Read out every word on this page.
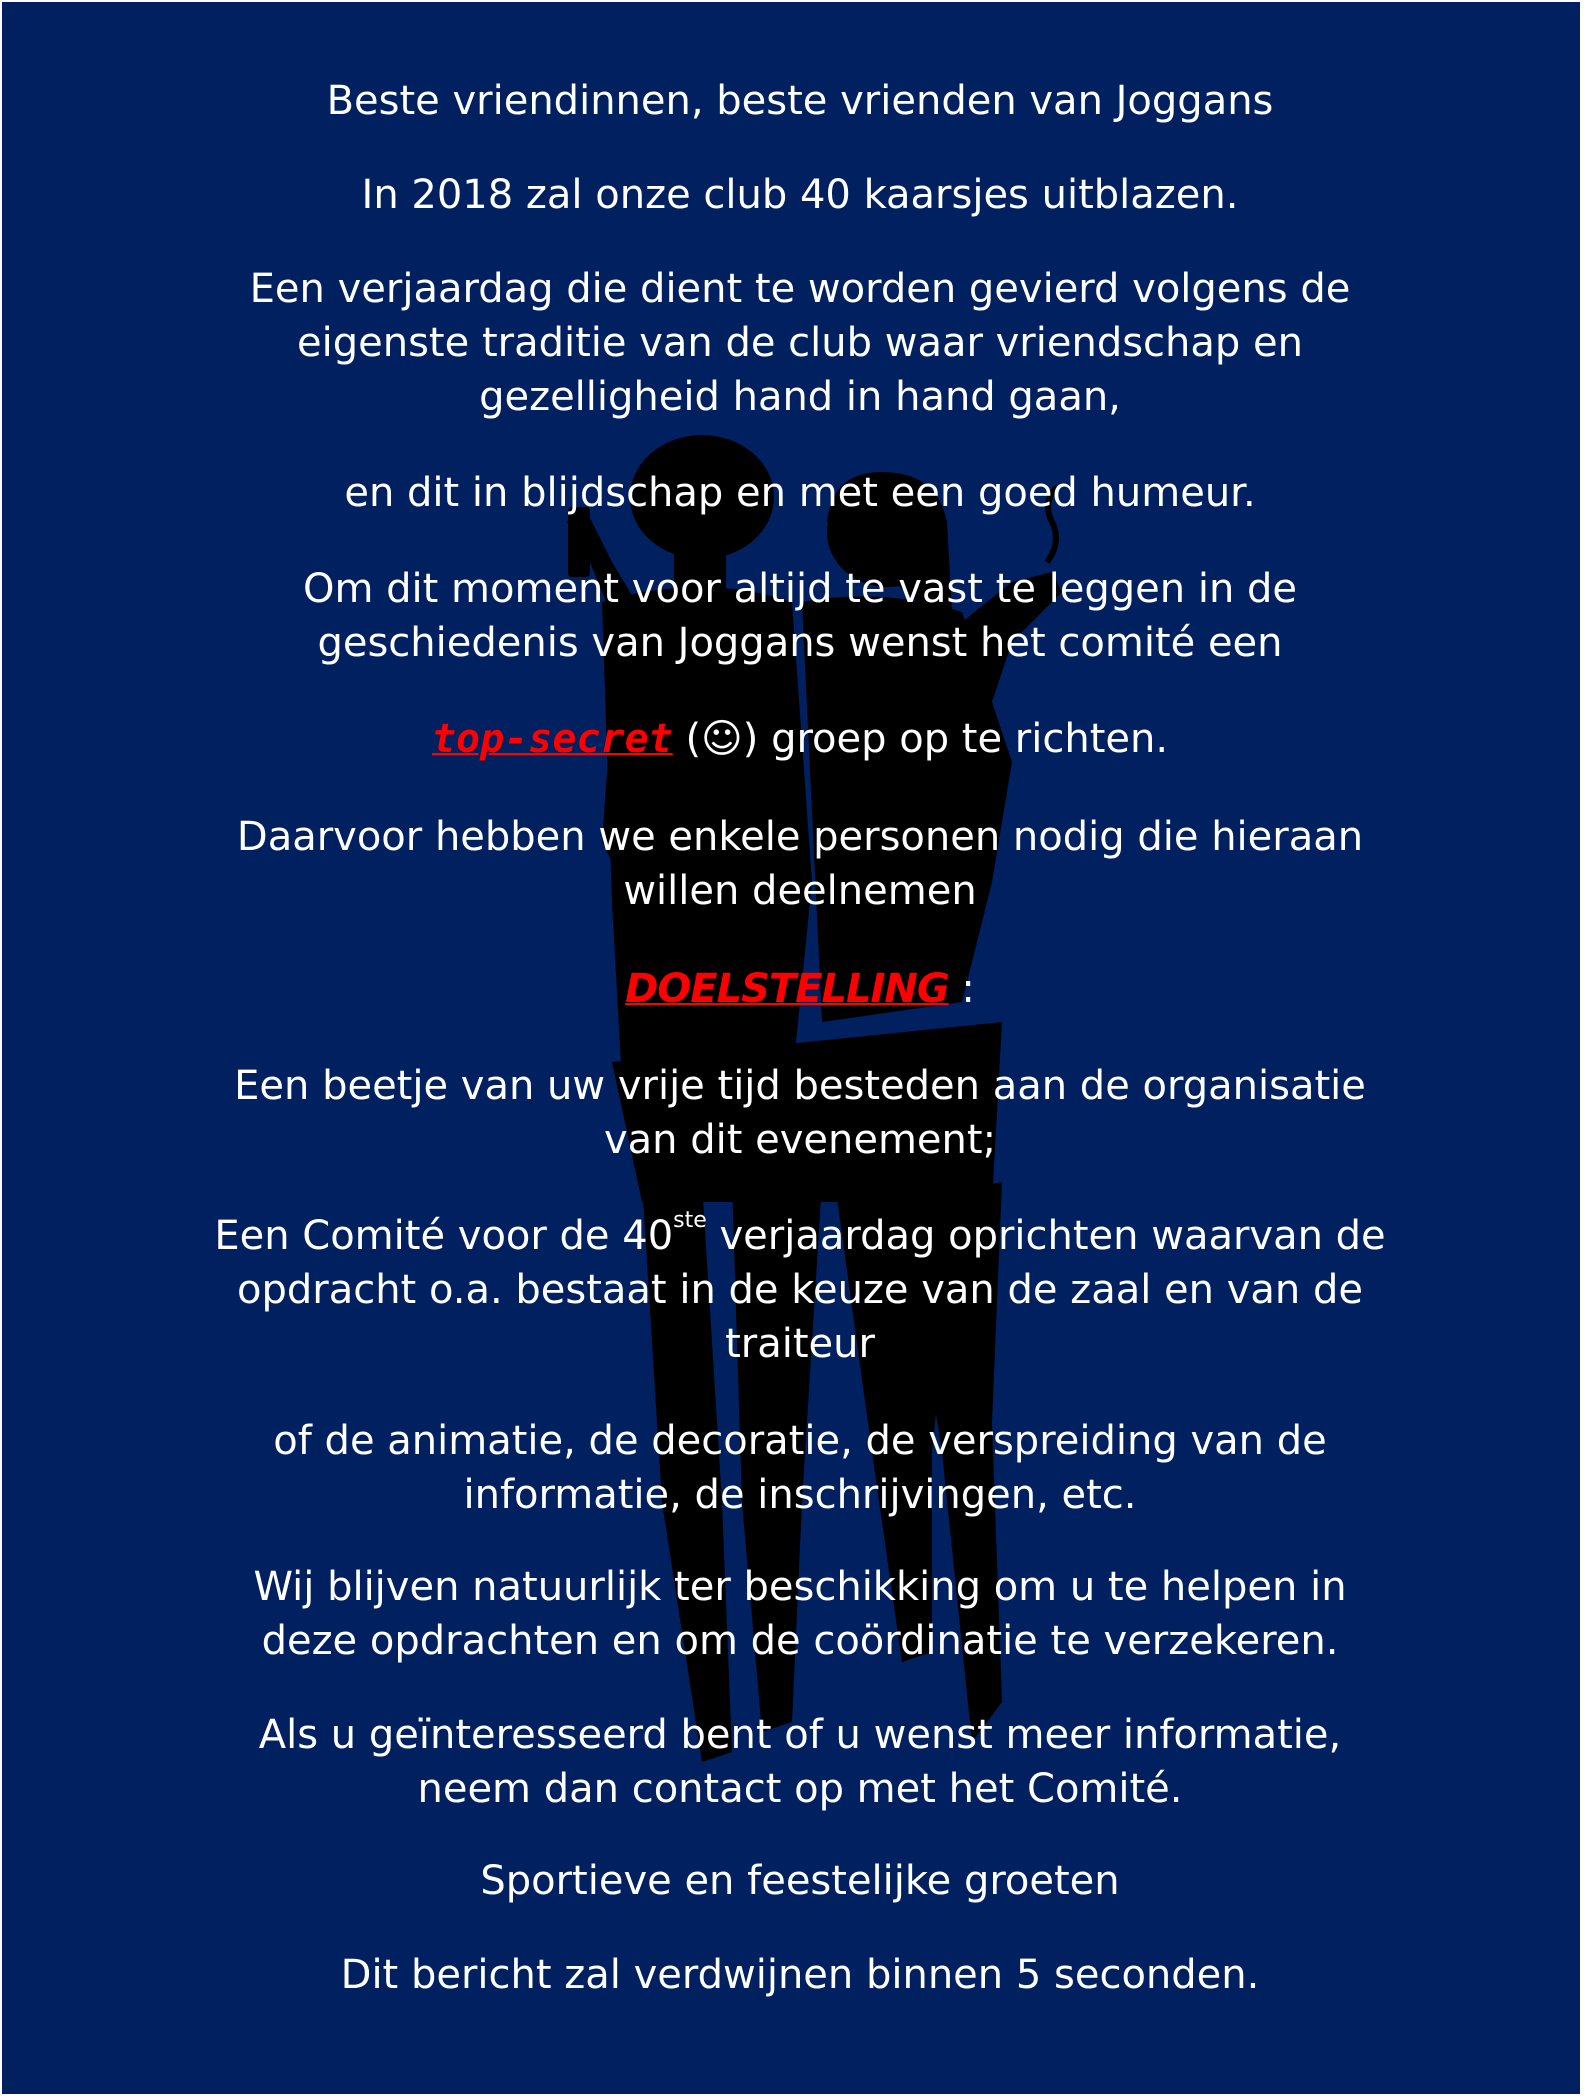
Beste vriendinnen, beste vrienden van Joggans

In 2018 zal onze club 40 kaarsjes uitblazen.

Een verjaardag die dient te worden gevierd volgens de
eigenste traditie van de club waar vriendschap en
gezelligheid hand in hand gaan,

en dit in blijdschap en met een goed humeur.

Om dit moment voor altijd te vast te leggen in de
geschiedenis van Joggans wenst het comité een

top-secret (☺) groep op te richten.

Daarvoor hebben we enkele personen nodig die hieraan
willen deelnemen

DOELSTELLING :

Een beetje van uw vrije tijd besteden aan de organisatie
van dit evenement;

Een Comité voor de 40ste verjaardag oprichten waarvan de
opdracht o.a. bestaat in de keuze van de zaal en van de
traiteur

of de animatie, de decoratie, de verspreiding van de
informatie, de inschrijvingen, etc.

Wij blijven natuurlijk ter beschikking om u te helpen in
deze opdrachten en om de coördinatie te verzekeren.

Als u geïnteresseerd bent of u wenst meer informatie,
neem dan contact op met het Comité.

Sportieve en feestelijke groeten

Dit bericht zal verdwijnen binnen 5 seconden.
